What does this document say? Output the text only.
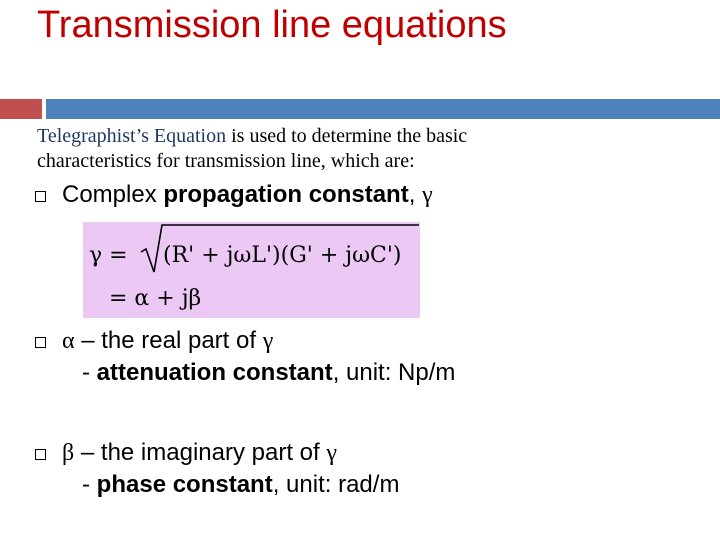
Transmission line equations
Telegraphist’s Equation is used to determine the basic
characteristics for transmission line, which are:
Complex propagation constant, γ
γ = (R' + jωL')(G' + jωC')
= α + jβ
α – the real part of γ
- attenuation constant, unit: Np/m
β – the imaginary part of γ
- phase constant, unit: rad/m
